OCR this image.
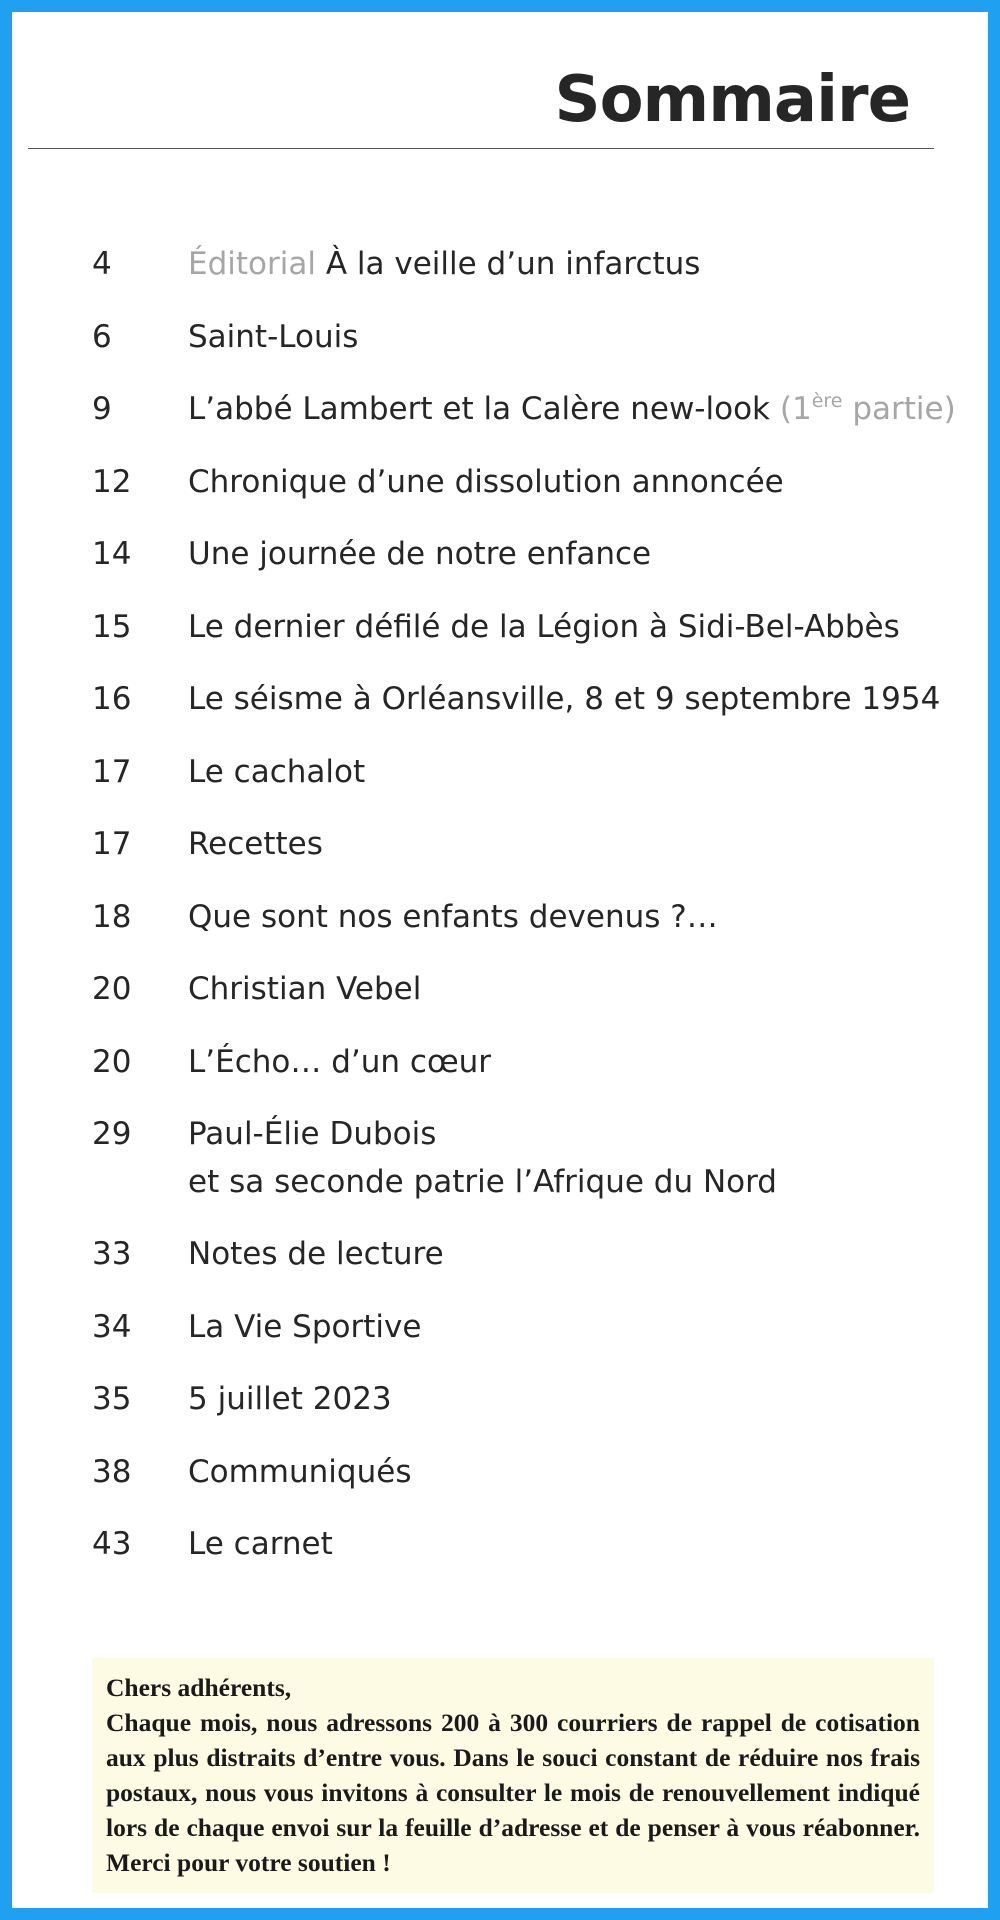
Sommaire
4 Éditorial À la veille d’un infarctus
6 Saint-Louis
9 L’abbé Lambert et la Calère new-look (1ère partie)
12 Chronique d’une dissolution annoncée
14 Une journée de notre enfance
15 Le dernier défilé de la Légion à Sidi-Bel-Abbès
16 Le séisme à Orléansville, 8 et 9 septembre 1954
17 Le cachalot
17 Recettes
18 Que sont nos enfants devenus ?…
20 Christian Vebel
20 L’Écho… d’un cœur
29 Paul-Élie Dubois
et sa seconde patrie l’Afrique du Nord
33 Notes de lecture
34 La Vie Sportive
35 5 juillet 2023
38 Communiqués
43 Le carnet
Chers adhérents,
Chaque mois, nous adressons 200 à 300 courriers de rappel de cotisation aux plus distraits d’entre vous. Dans le souci constant de réduire nos frais postaux, nous vous invitons à consulter le mois de renouvellement indiqué lors de chaque envoi sur la feuille d’adresse et de penser à vous réabonner. Merci pour votre soutien !
